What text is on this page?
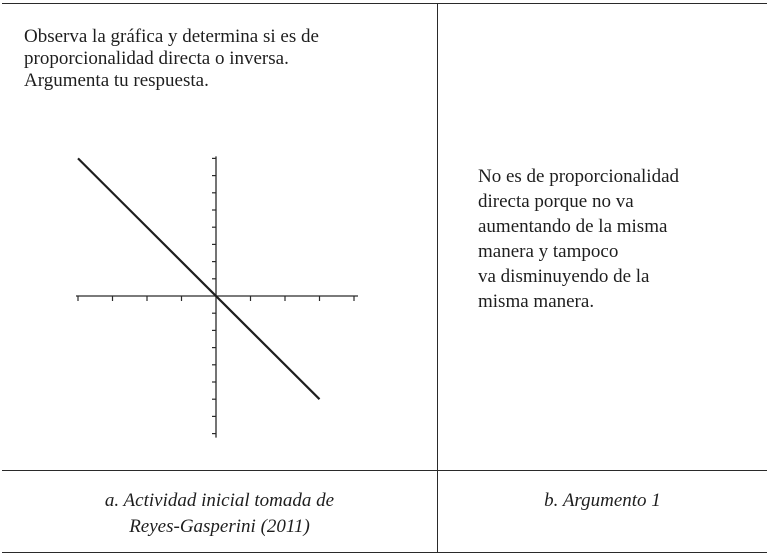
Observa la gráfica y determina si es de
proporcionalidad directa o inversa.
Argumenta tu respuesta.

No es de proporcionalidad
directa porque no va
aumentando de la misma
manera y tampoco
va disminuyendo de la
misma manera.

a. Actividad inicial tomada de
Reyes-Gasperini (2011)

b. Argumento 1
